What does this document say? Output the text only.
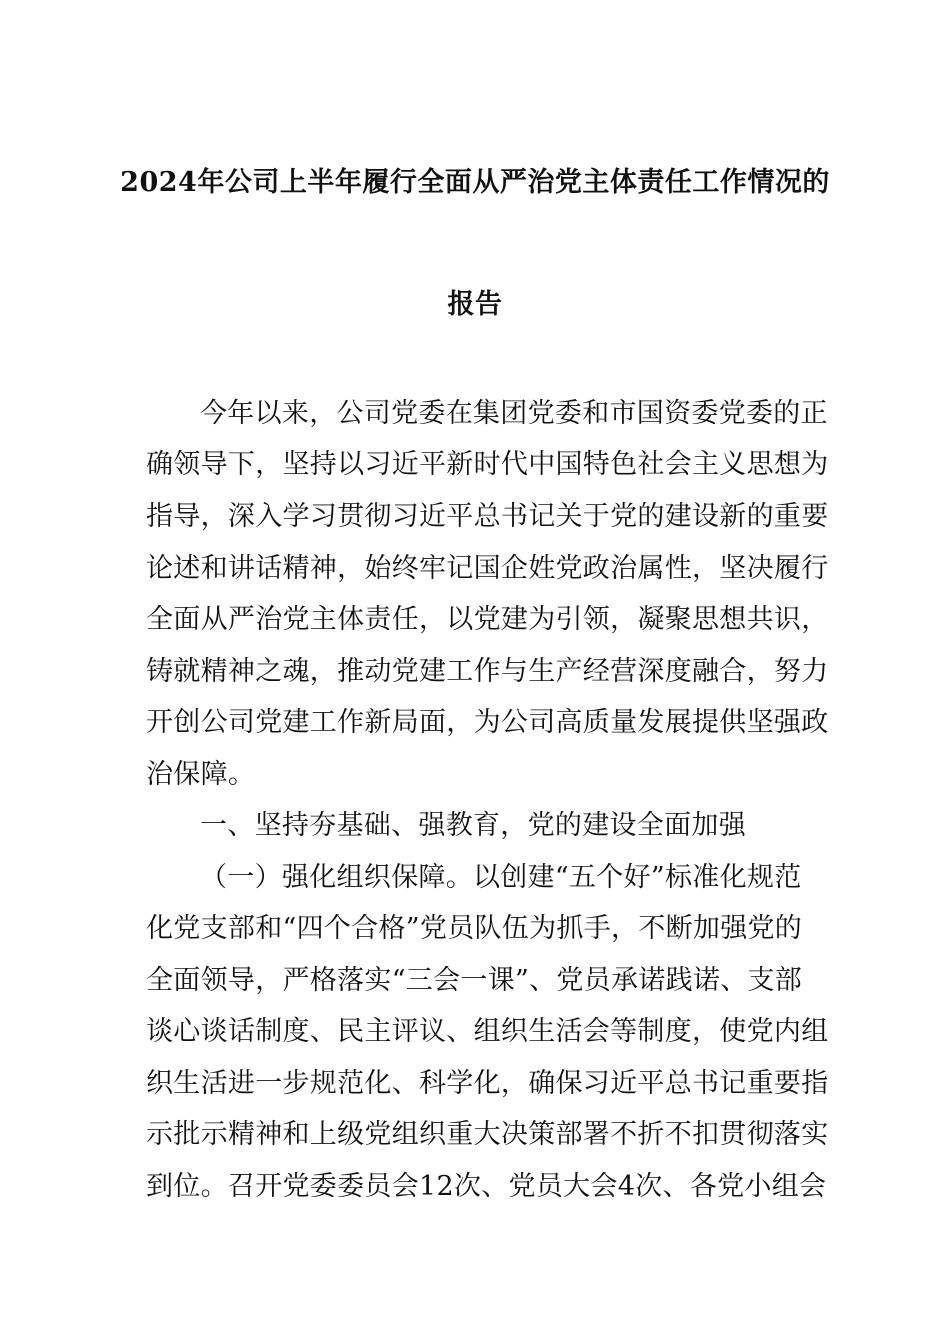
2024年公司上半年履行全面从严治党主体责任工作情况的
报告
今年以来，公司党委在集团党委和市国资委党委的正
确领导下，坚持以习近平新时代中国特色社会主义思想为
指导，深入学习贯彻习近平总书记关于党的建设新的重要
论述和讲话精神，始终牢记国企姓党政治属性，坚决履行
全面从严治党主体责任，以党建为引领，凝聚思想共识，
铸就精神之魂，推动党建工作与生产经营深度融合，努力
开创公司党建工作新局面，为公司高质量发展提供坚强政
治保障。
一、坚持夯基础、强教育，党的建设全面加强
（一）强化组织保障。以创建“五个好”标准化规范
化党支部和“四个合格”党员队伍为抓手，不断加强党的
全面领导，严格落实“三会一课”、党员承诺践诺、支部
谈心谈话制度、民主评议、组织生活会等制度，使党内组
织生活进一步规范化、科学化，确保习近平总书记重要指
示批示精神和上级党组织重大决策部署不折不扣贯彻落实
到位。召开党委委员会12次、党员大会4次、各党小组会
